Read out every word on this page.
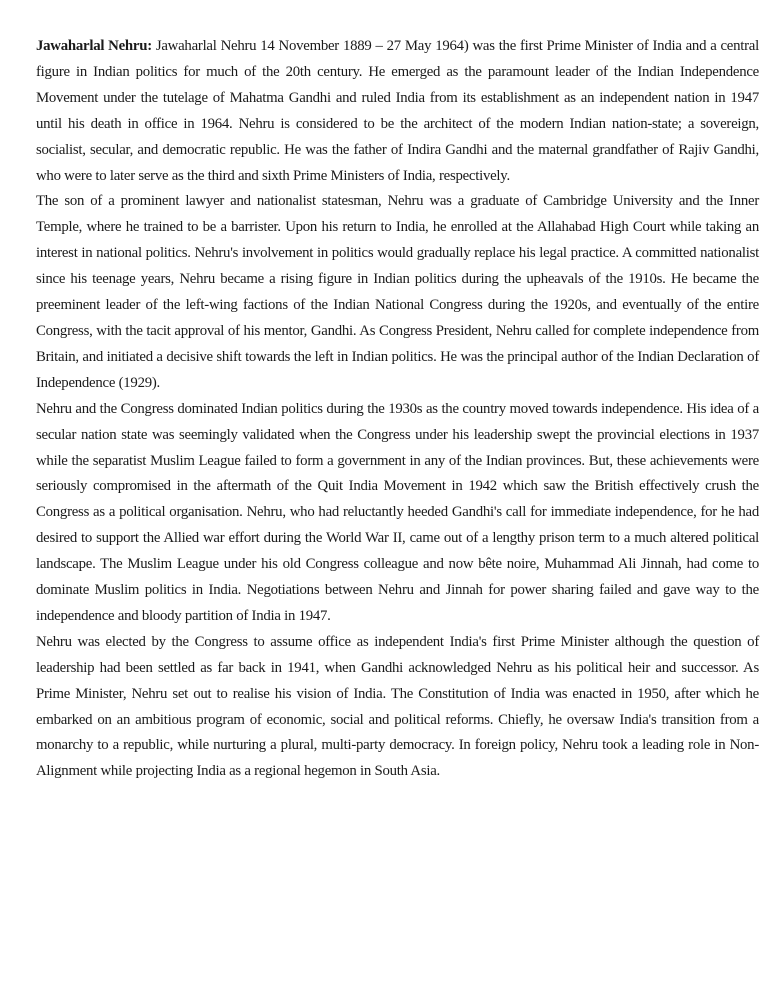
Jawaharlal Nehru: Jawaharlal Nehru 14 November 1889 – 27 May 1964) was the first Prime Minister of India and a central figure in Indian politics for much of the 20th century. He emerged as the paramount leader of the Indian Independence Movement under the tutelage of Mahatma Gandhi and ruled India from its establishment as an independent nation in 1947 until his death in office in 1964. Nehru is considered to be the architect of the modern Indian nation-state; a sovereign, socialist, secular, and democratic republic. He was the father of Indira Gandhi and the maternal grandfather of Rajiv Gandhi, who were to later serve as the third and sixth Prime Ministers of India, respectively.

The son of a prominent lawyer and nationalist statesman, Nehru was a graduate of Cambridge University and the Inner Temple, where he trained to be a barrister. Upon his return to India, he enrolled at the Allahabad High Court while taking an interest in national politics. Nehru's involvement in politics would gradually replace his legal practice. A committed nationalist since his teenage years, Nehru became a rising figure in Indian politics during the upheavals of the 1910s. He became the preeminent leader of the left-wing factions of the Indian National Congress during the 1920s, and eventually of the entire Congress, with the tacit approval of his mentor, Gandhi. As Congress President, Nehru called for complete independence from Britain, and initiated a decisive shift towards the left in Indian politics. He was the principal author of the Indian Declaration of Independence (1929).

Nehru and the Congress dominated Indian politics during the 1930s as the country moved towards independence. His idea of a secular nation state was seemingly validated when the Congress under his leadership swept the provincial elections in 1937 while the separatist Muslim League failed to form a government in any of the Indian provinces. But, these achievements were seriously compromised in the aftermath of the Quit India Movement in 1942 which saw the British effectively crush the Congress as a political organisation. Nehru, who had reluctantly heeded Gandhi's call for immediate independence, for he had desired to support the Allied war effort during the World War II, came out of a lengthy prison term to a much altered political landscape. The Muslim League under his old Congress colleague and now bête noire, Muhammad Ali Jinnah, had come to dominate Muslim politics in India. Negotiations between Nehru and Jinnah for power sharing failed and gave way to the independence and bloody partition of India in 1947.

Nehru was elected by the Congress to assume office as independent India's first Prime Minister although the question of leadership had been settled as far back in 1941, when Gandhi acknowledged Nehru as his political heir and successor. As Prime Minister, Nehru set out to realise his vision of India. The Constitution of India was enacted in 1950, after which he embarked on an ambitious program of economic, social and political reforms. Chiefly, he oversaw India's transition from a monarchy to a republic, while nurturing a plural, multi-party democracy. In foreign policy, Nehru took a leading role in Non-Alignment while projecting India as a regional hegemon in South Asia.
